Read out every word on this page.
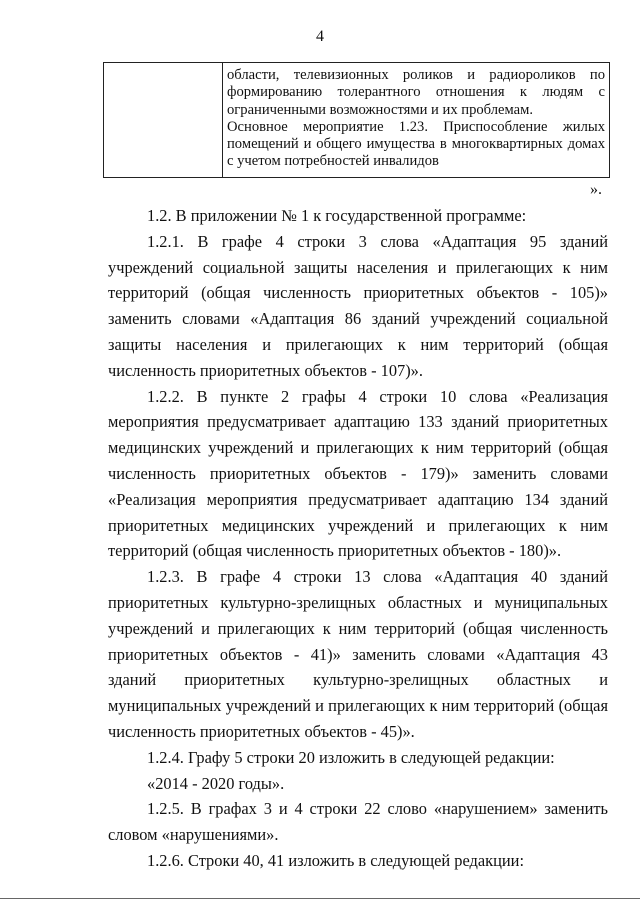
4

области, телевизионных роликов и радиороликов по формированию толерантного отношения к людям с ограниченными возможностями и их проблемам.

Основное мероприятие 1.23. Приспособление жилых помещений и общего имущества в многоквартирных домах с учетом потребностей инвалидов

».

1.2. В приложении № 1 к государственной программе:

1.2.1. В графе 4 строки 3 слова «Адаптация 95 зданий учреждений социальной защиты населения и прилегающих к ним территорий (общая численность приоритетных объектов - 105)» заменить словами «Адаптация 86 зданий учреждений социальной защиты населения и прилегающих к ним территорий (общая численность приоритетных объектов - 107)».

1.2.2. В пункте 2 графы 4 строки 10 слова «Реализация мероприятия предусматривает адаптацию 133 зданий приоритетных медицинских учреждений и прилегающих к ним территорий (общая численность приоритетных объектов - 179)» заменить словами «Реализация мероприятия предусматривает адаптацию 134 зданий приоритетных медицинских учреждений и прилегающих к ним территорий (общая численность приоритетных объектов - 180)».

1.2.3. В графе 4 строки 13 слова «Адаптация 40 зданий приоритетных культурно-зрелищных областных и муниципальных учреждений и прилегающих к ним территорий (общая численность приоритетных объектов - 41)» заменить словами «Адаптация 43 зданий приоритетных культурно-зрелищных областных и муниципальных учреждений и прилегающих к ним территорий (общая численность приоритетных объектов - 45)».

1.2.4. Графу 5 строки 20 изложить в следующей редакции:

«2014 - 2020 годы».

1.2.5. В графах 3 и 4 строки 22 слово «нарушением» заменить словом «нарушениями».

1.2.6. Строки 40, 41 изложить в следующей редакции:
